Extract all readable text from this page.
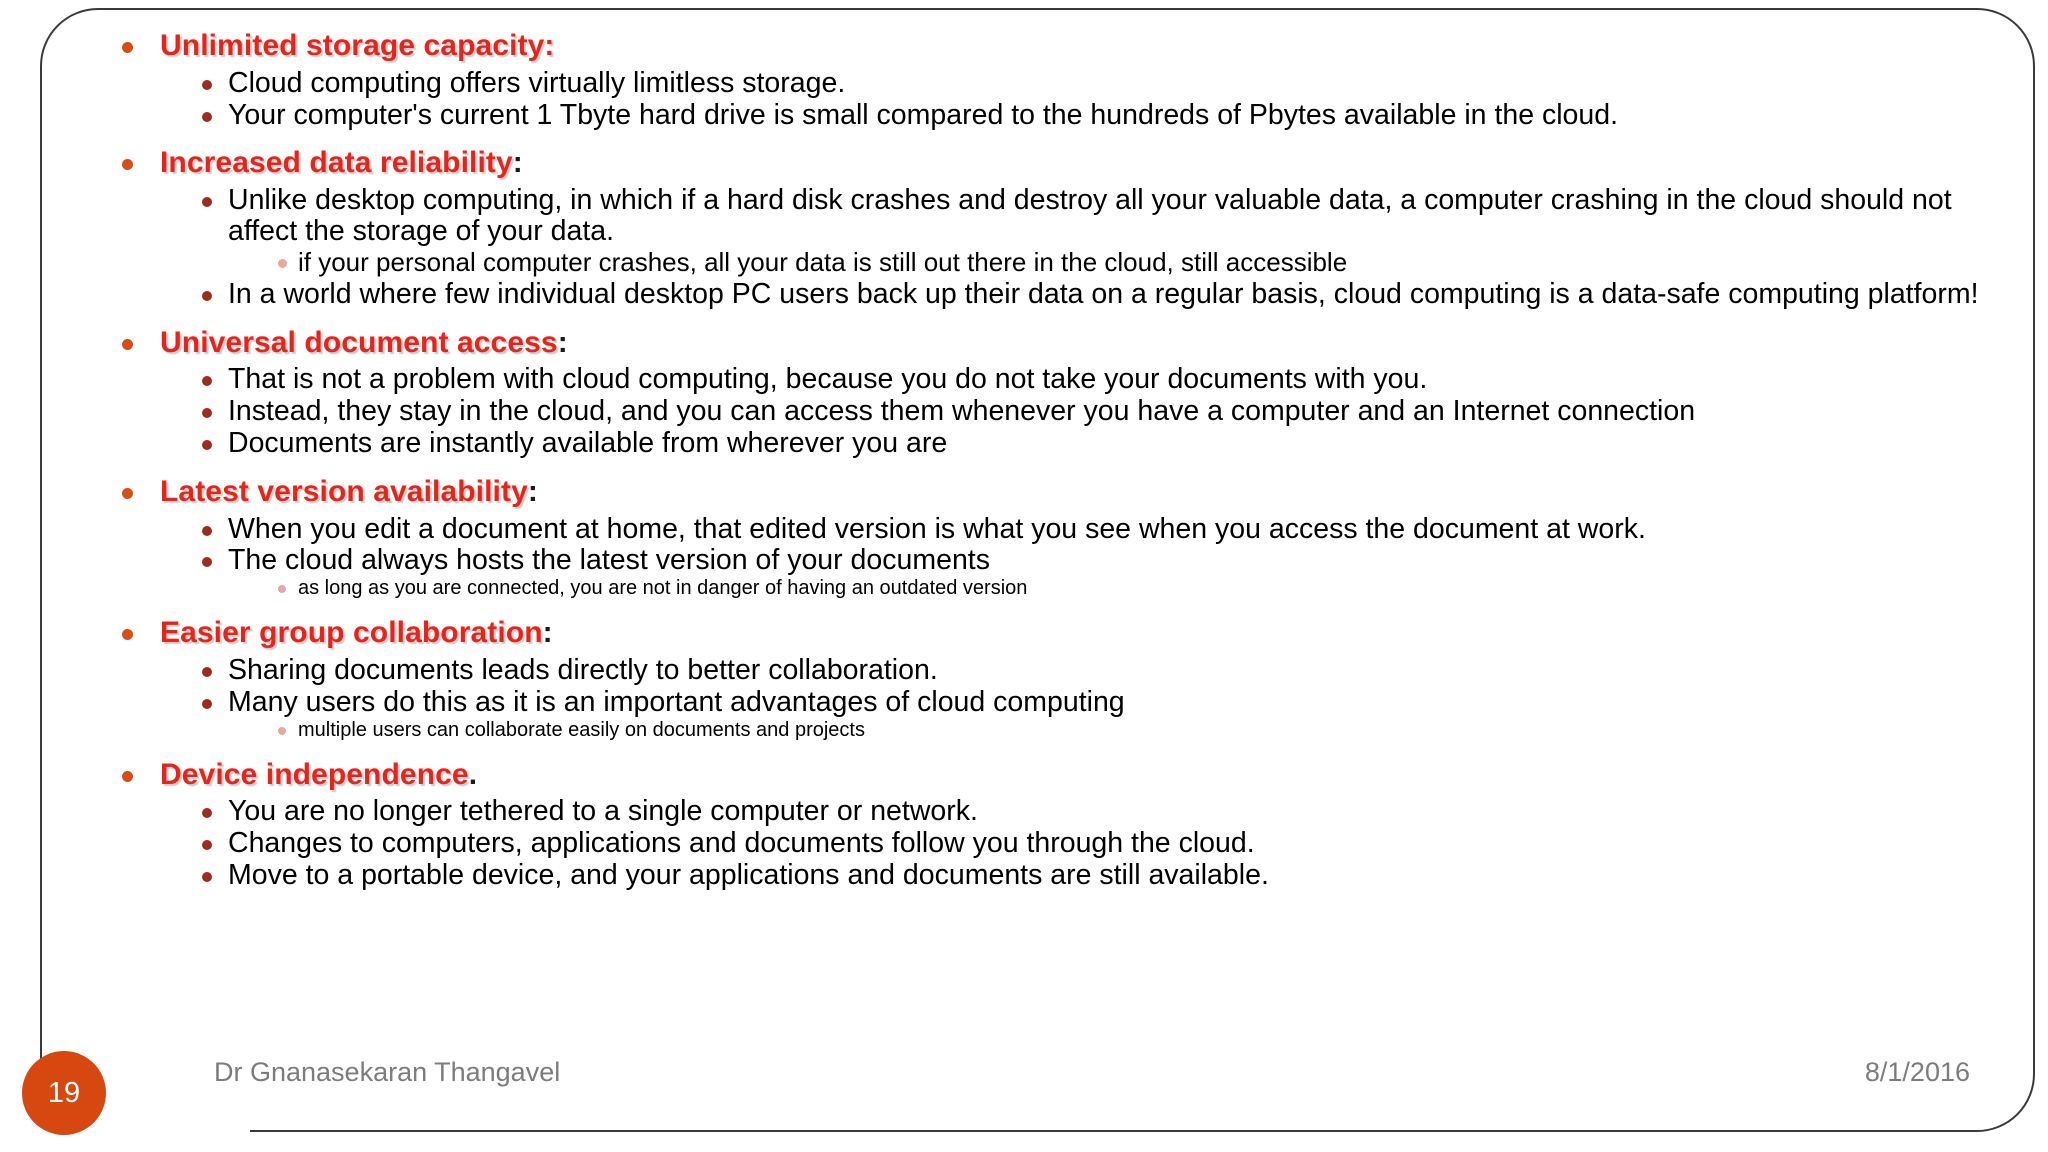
Unlimited storage capacity:
Cloud computing offers virtually limitless storage.
Your computer's current 1 Tbyte hard drive is small compared to the hundreds of Pbytes available in the cloud.
Increased data reliability:
Unlike desktop computing, in which if a hard disk crashes and destroy all your valuable data, a computer crashing in the cloud should not affect the storage of your data.
if your personal computer crashes, all your data is still out there in the cloud, still accessible
In a world where few individual desktop PC users back up their data on a regular basis, cloud computing is a data-safe computing platform!
Universal document access:
That is not a problem with cloud computing, because you do not take your documents with you.
Instead, they stay in the cloud, and you can access them whenever you have a computer and an Internet connection
Documents are instantly available from wherever you are
Latest version availability:
When you edit a document at home, that edited version is what you see when you access the document at work.
The cloud always hosts the latest version of your documents
as long as you are connected, you are not in danger of having an outdated version
Easier group collaboration:
Sharing documents leads directly to better collaboration.
Many users do this as it is an important advantages of cloud computing
multiple users can collaborate easily on documents and projects
Device independence.
You are no longer tethered to a single computer or network.
Changes to computers, applications and documents follow you through the cloud.
Move to a portable device, and your applications and documents are still available.
19
Dr Gnanasekaran Thangavel	8/1/2016
